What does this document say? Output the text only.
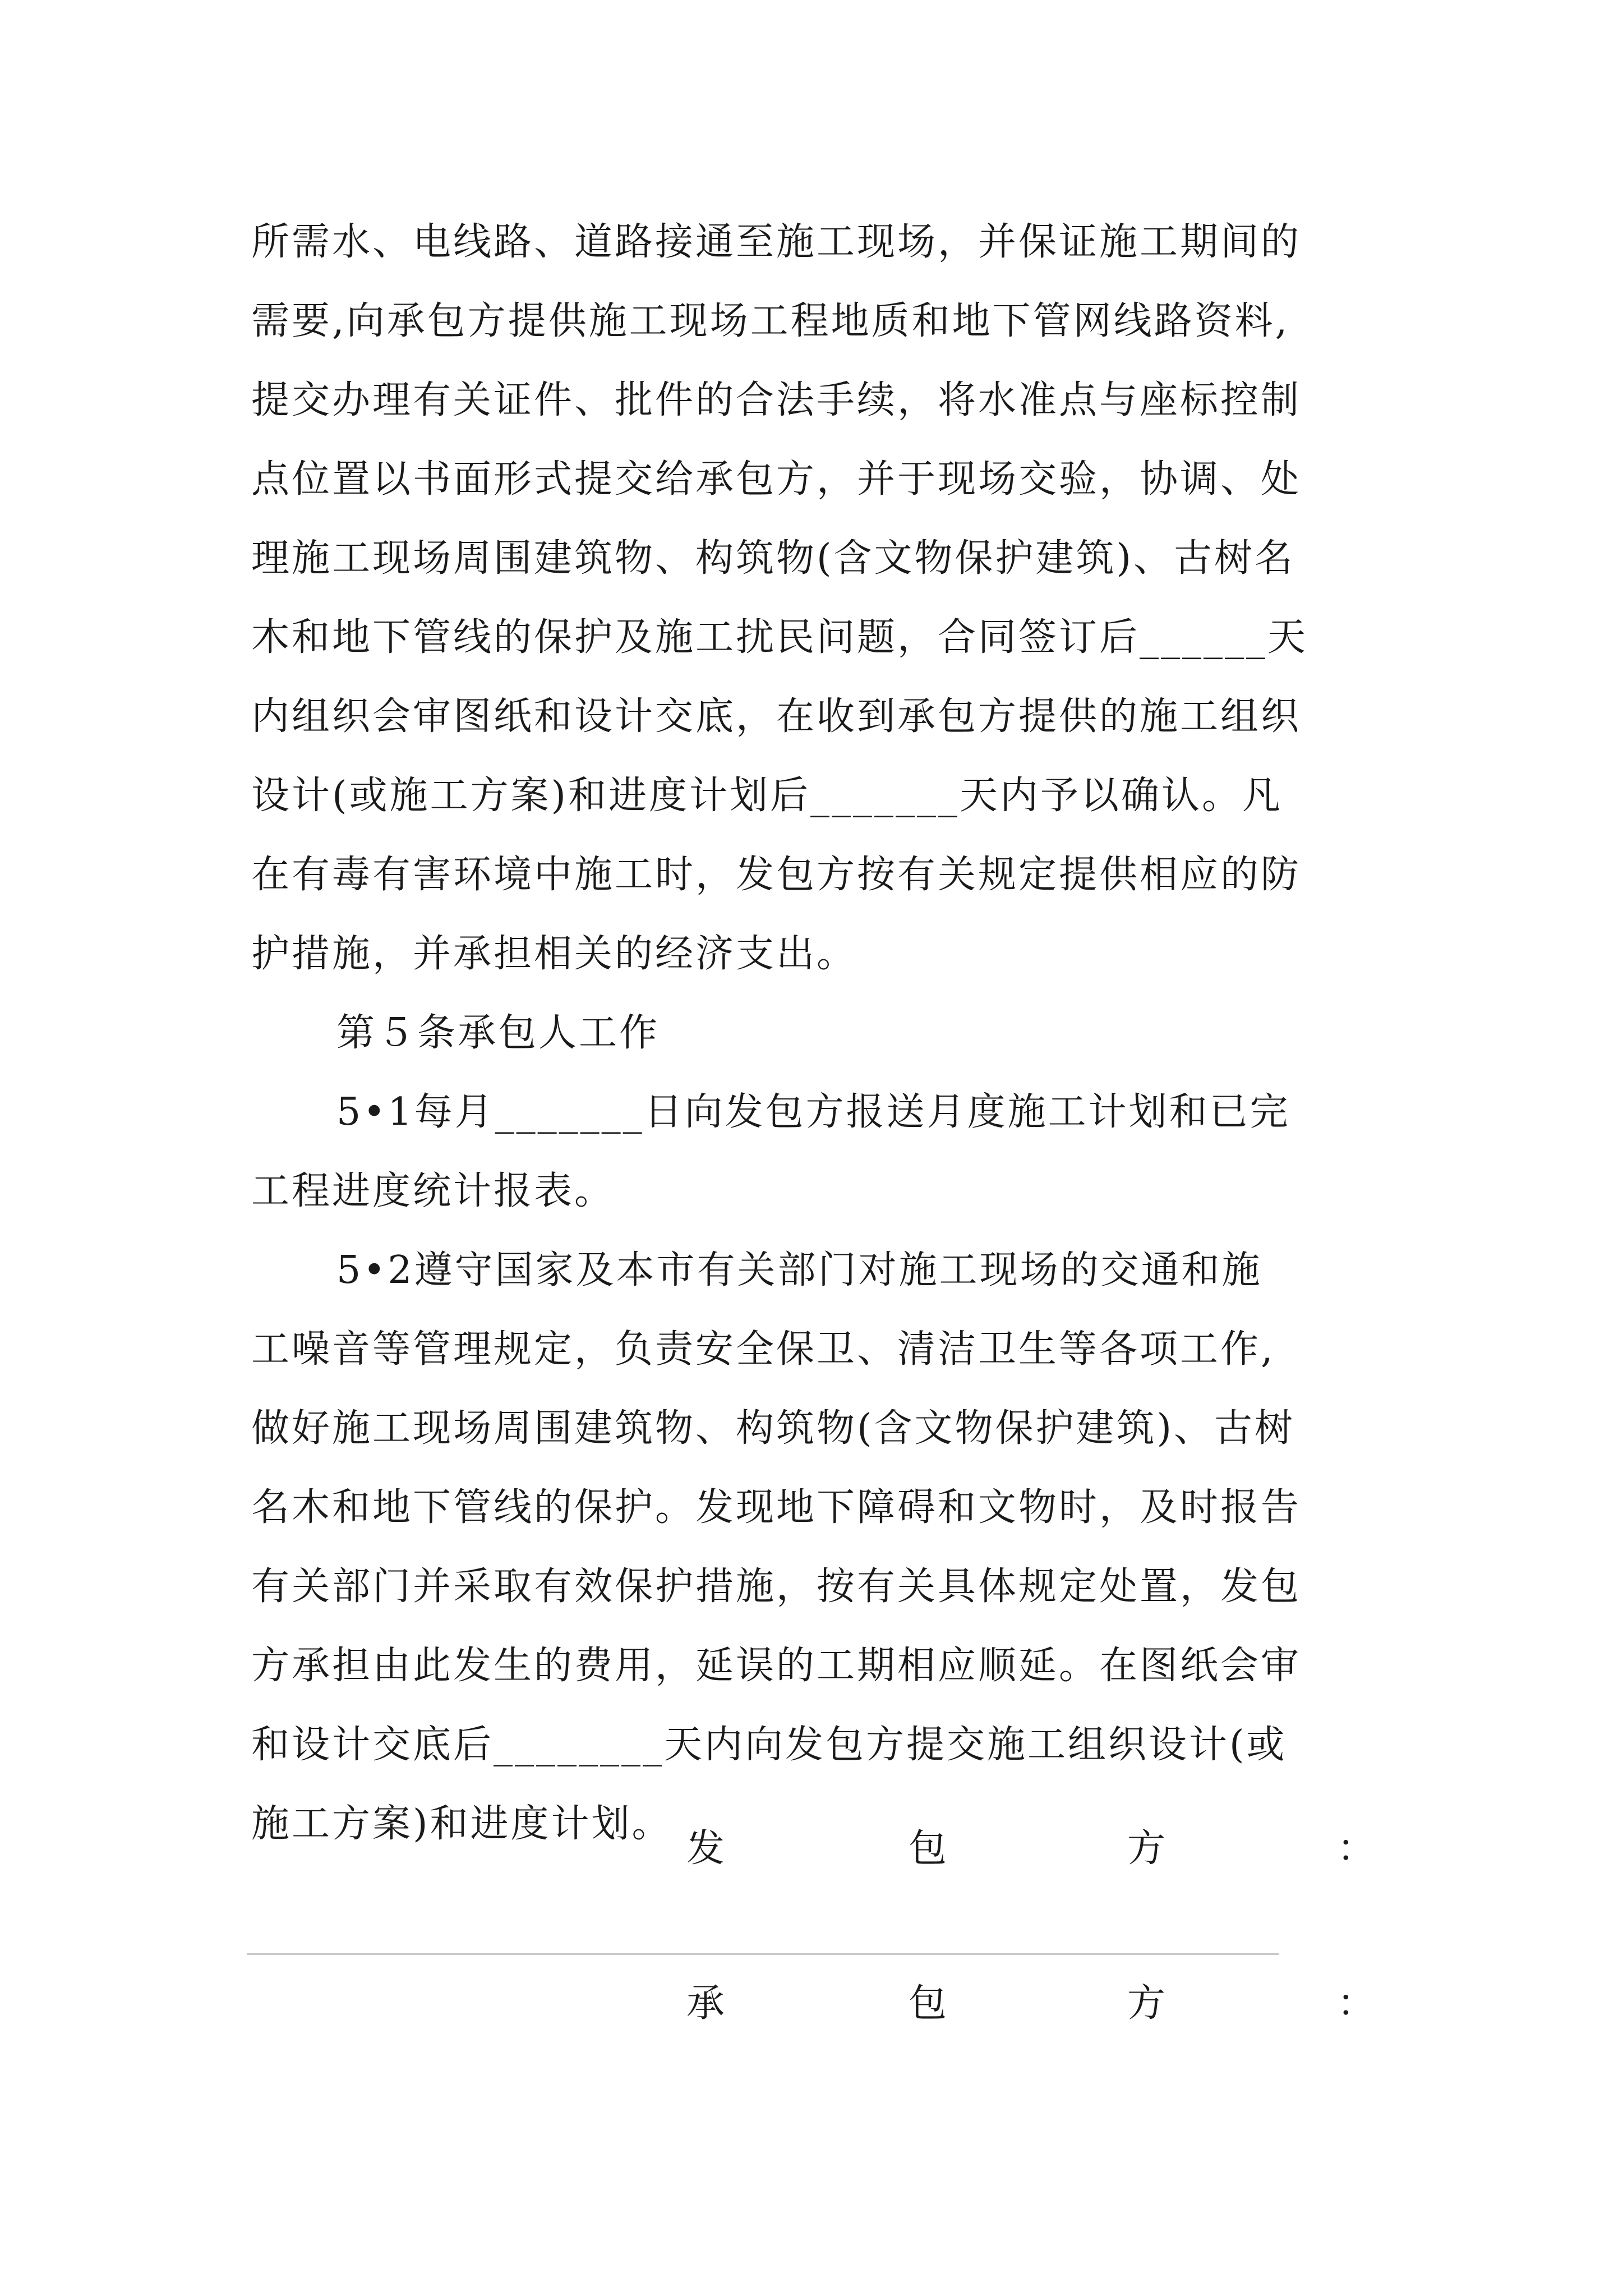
所需水、电线路、道路接通至施工现场，并保证施工期间的
需要,向承包方提供施工现场工程地质和地下管网线路资料,
提交办理有关证件、批件的合法手续，将水准点与座标控制
点位置以书面形式提交给承包方，并于现场交验，协调、处
理施工现场周围建筑物、构筑物(含文物保护建筑)、古树名
木和地下管线的保护及施工扰民问题，合同签订后______天
内组织会审图纸和设计交底，在收到承包方提供的施工组织
设计(或施工方案)和进度计划后_______天内予以确认。凡
在有毒有害环境中施工时，发包方按有关规定提供相应的防
护措施，并承担相关的经济支出。
第５条承包人工作
5•1每月_______日向发包方报送月度施工计划和已完
工程进度统计报表。
5•2遵守国家及本市有关部门对施工现场的交通和施
工噪音等管理规定，负责安全保卫、清洁卫生等各项工作,
做好施工现场周围建筑物、构筑物(含文物保护建筑)、古树
名木和地下管线的保护。发现地下障碍和文物时，及时报告
有关部门并采取有效保护措施，按有关具体规定处置，发包
方承担由此发生的费用，延误的工期相应顺延。在图纸会审
和设计交底后________天内向发包方提交施工组织设计(或
施工方案)和进度计划。
发	包	方	：
承	包	方	：
